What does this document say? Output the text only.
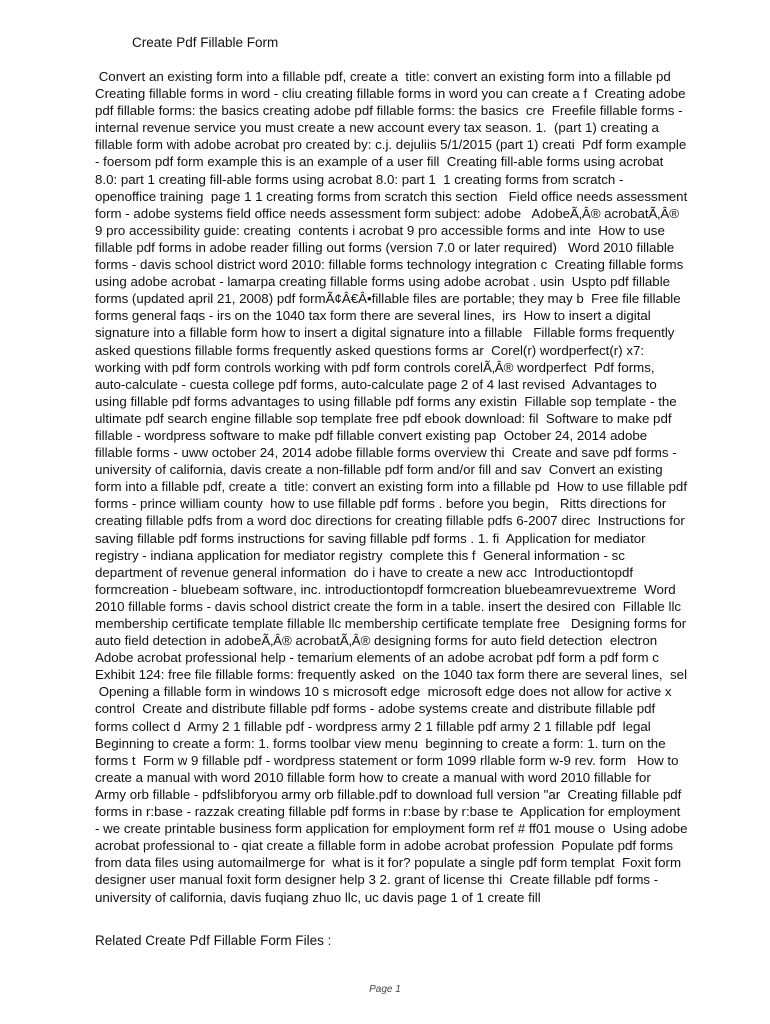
Create Pdf Fillable Form
Convert an existing form into a fillable pdf, create a  title: convert an existing form into a fillable pd
Creating fillable forms in word - cliu creating fillable forms in word you can create a f  Creating adobe
pdf fillable forms: the basics creating adobe pdf fillable forms: the basics  cre  Freefile fillable forms -
internal revenue service you must create a new account every tax season. 1.  (part 1) creating a
fillable form with adobe acrobat pro created by: c.j. dejuliis 5/1/2015 (part 1) creati  Pdf form example
- foersom pdf form example this is an example of a user fill  Creating fill-able forms using acrobat
8.0: part 1 creating fill-able forms using acrobat 8.0: part 1  1 creating forms from scratch -
openoffice training  page 1 1 creating forms from scratch this section   Field office needs assessment
form - adobe systems field office needs assessment form subject: adobe   AdobeÃ‚Â® acrobatÃ‚Â®
9 pro accessibility guide: creating  contents i acrobat 9 pro accessible forms and inte  How to use
fillable pdf forms in adobe reader filling out forms (version 7.0 or later required)   Word 2010 fillable
forms - davis school district word 2010: fillable forms technology integration c  Creating fillable forms
using adobe acrobat - lamarpa creating fillable forms using adobe acrobat . usin  Uspto pdf fillable
forms (updated april 21, 2008) pdf formÃ¢Â€Â•fillable files are portable; they may b  Free file fillable
forms general faqs - irs on the 1040 tax form there are several lines,  irs  How to insert a digital
signature into a fillable form how to insert a digital signature into a fillable   Fillable forms frequently
asked questions fillable forms frequently asked questions forms ar  Corel(r) wordperfect(r) x7:
working with pdf form controls working with pdf form controls corelÃ‚Â® wordperfect  Pdf forms,
auto-calculate - cuesta college pdf forms, auto-calculate page 2 of 4 last revised  Advantages to
using fillable pdf forms advantages to using fillable pdf forms any existin  Fillable sop template - the
ultimate pdf search engine fillable sop template free pdf ebook download: fil  Software to make pdf
fillable - wordpress software to make pdf fillable convert existing pap  October 24, 2014 adobe
fillable forms - uww october 24, 2014 adobe fillable forms overview thi  Create and save pdf forms -
university of california, davis create a non-fillable pdf form and/or fill and sav  Convert an existing
form into a fillable pdf, create a  title: convert an existing form into a fillable pd  How to use fillable pdf
forms - prince william county  how to use fillable pdf forms . before you begin,   Ritts directions for
creating fillable pdfs from a word doc directions for creating fillable pdfs 6-2007 direc  Instructions for
saving fillable pdf forms instructions for saving fillable pdf forms . 1. fi  Application for mediator
registry - indiana application for mediator registry  complete this f  General information - sc
department of revenue general information  do i have to create a new acc  Introductiontopdf
formcreation - bluebeam software, inc. introductiontopdf formcreation bluebeamrevuextreme  Word
2010 fillable forms - davis school district create the form in a table. insert the desired con  Fillable llc
membership certificate template fillable llc membership certificate template free   Designing forms for
auto field detection in adobeÃ‚Â® acrobatÃ‚Â® designing forms for auto field detection  electron
Adobe acrobat professional help - temarium elements of an adobe acrobat pdf form a pdf form c
Exhibit 124: free file fillable forms: frequently asked  on the 1040 tax form there are several lines,  sel
Opening a fillable form in windows 10 s microsoft edge  microsoft edge does not allow for active x
control  Create and distribute fillable pdf forms - adobe systems create and distribute fillable pdf
forms collect d  Army 2 1 fillable pdf - wordpress army 2 1 fillable pdf army 2 1 fillable pdf  legal
Beginning to create a form: 1. forms toolbar view menu  beginning to create a form: 1. turn on the
forms t  Form w 9 fillable pdf - wordpress statement or form 1099 rllable form w-9 rev. form   How to
create a manual with word 2010 fillable form how to create a manual with word 2010 fillable for
Army orb fillable - pdfslibforyou army orb fillable.pdf to download full version "ar  Creating fillable pdf
forms in r:base - razzak creating fillable pdf forms in r:base by r:base te  Application for employment
- we create printable business form application for employment form ref # ff01 mouse o  Using adobe
acrobat professional to - qiat create a fillable form in adobe acrobat profession  Populate pdf forms
from data files using automailmerge for  what is it for? populate a single pdf form templat  Foxit form
designer user manual foxit form designer help 3 2. grant of license thi  Create fillable pdf forms -
university of california, davis fuqiang zhuo llc, uc davis page 1 of 1 create fill
Related Create Pdf Fillable Form Files :
Page 1
